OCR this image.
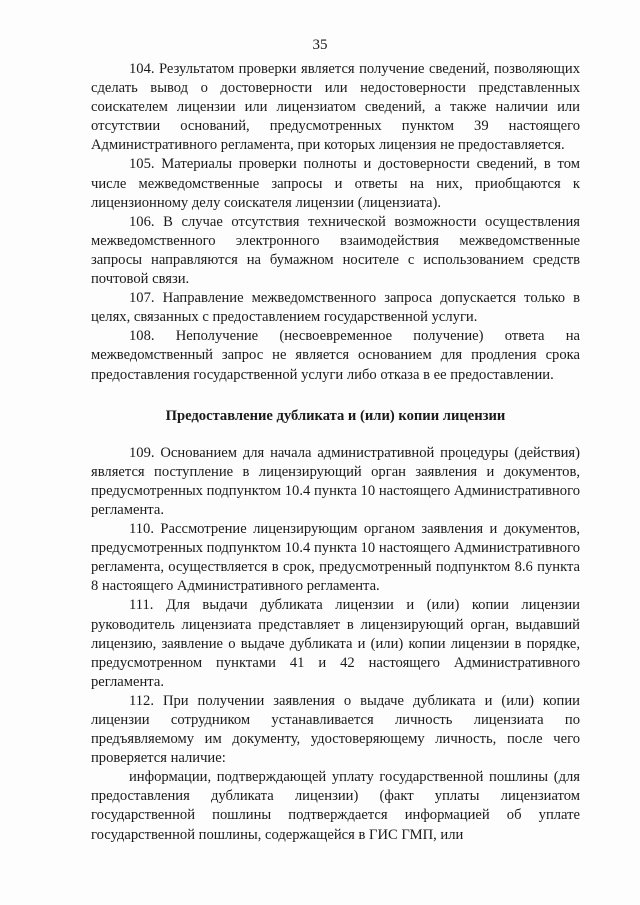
35

104. Результатом проверки является получение сведений, позволяющих сделать вывод о достоверности или недостоверности представленных соискателем лицензии или лицензиатом сведений, а также наличии или отсутствии оснований, предусмотренных пунктом 39 настоящего Административного регламента, при которых лицензия не предоставляется.

105. Материалы проверки полноты и достоверности сведений, в том числе межведомственные запросы и ответы на них, приобщаются к лицензионному делу соискателя лицензии (лицензиата).

106. В случае отсутствия технической возможности осуществления межведомственного электронного взаимодействия межведомственные запросы направляются на бумажном носителе с использованием средств почтовой связи.

107. Направление межведомственного запроса допускается только в целях, связанных с предоставлением государственной услуги.

108. Неполучение (несвоевременное получение) ответа на межведомственный запрос не является основанием для продления срока предоставления государственной услуги либо отказа в ее предоставлении.

Предоставление дубликата и (или) копии лицензии

109. Основанием для начала административной процедуры (действия) является поступление в лицензирующий орган заявления и документов, предусмотренных подпунктом 10.4 пункта 10 настоящего Административного регламента.

110. Рассмотрение лицензирующим органом заявления и документов, предусмотренных подпунктом 10.4 пункта 10 настоящего Административного регламента, осуществляется в срок, предусмотренный подпунктом 8.6 пункта 8 настоящего Административного регламента.

111. Для выдачи дубликата лицензии и (или) копии лицензии руководитель лицензиата представляет в лицензирующий орган, выдавший лицензию, заявление о выдаче дубликата и (или) копии лицензии в порядке, предусмотренном пунктами 41 и 42 настоящего Административного регламента.

112. При получении заявления о выдаче дубликата и (или) копии лицензии сотрудником устанавливается личность лицензиата по предъявляемому им документу, удостоверяющему личность, после чего проверяется наличие:

информации, подтверждающей уплату государственной пошлины (для предоставления дубликата лицензии) (факт уплаты лицензиатом государственной пошлины подтверждается информацией об уплате государственной пошлины, содержащейся в ГИС ГМП, или
